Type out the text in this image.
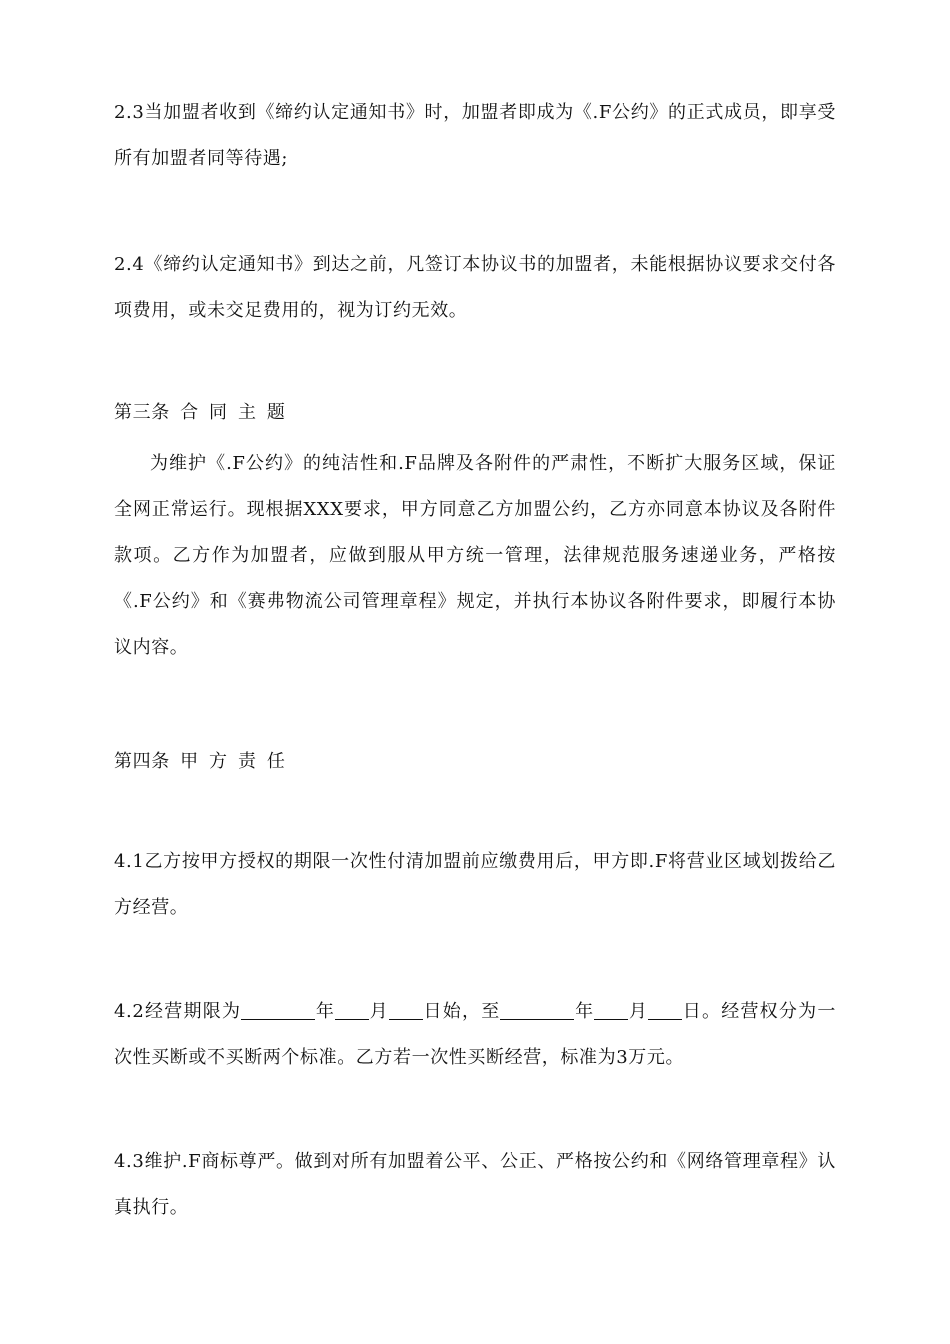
2.3当加盟者收到《缔约认定通知书》时，加盟者即成为《.F公约》的正式成员，即享受所有加盟者同等待遇;

2.4《缔约认定通知书》到达之前，凡签订本协议书的加盟者，未能根据协议要求交付各项费用，或未交足费用的，视为订约无效。

第三条 合 同 主 题

为维护《.F公约》的纯洁性和.F品牌及各附件的严肃性，不断扩大服务区域，保证全网正常运行。现根据XXX要求，甲方同意乙方加盟公约，乙方亦同意本协议及各附件款项。乙方作为加盟者，应做到服从甲方统一管理，法律规范服务速递业务，严格按《.F公约》和《赛弗物流公司管理章程》规定，并执行本协议各附件要求，即履行本协议内容。

第四条 甲 方 责 任

4.1乙方按甲方授权的期限一次性付清加盟前应缴费用后，甲方即.F将营业区域划拨给乙方经营。

4.2经营期限为	年 月 日始，至	年 月 日。经营权分为一次性买断或不买断两个标准。乙方若一次性买断经营，标准为3万元。

4.3维护.F商标尊严。做到对所有加盟着公平、公正、严格按公约和《网络管理章程》认真执行。
